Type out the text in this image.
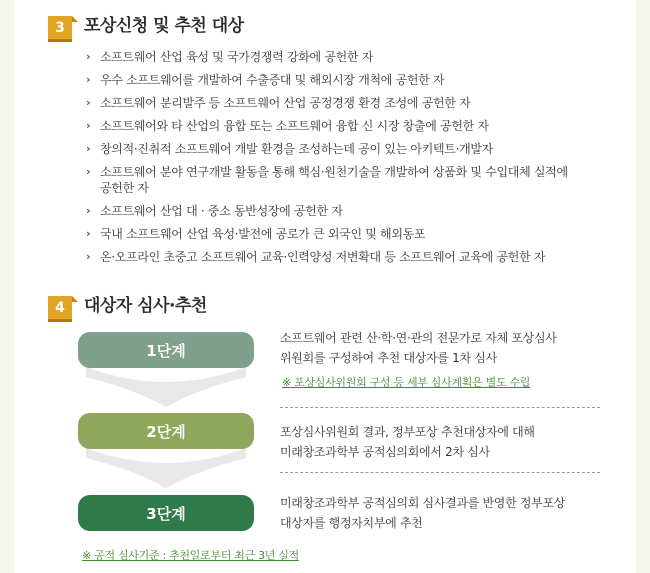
3 포상신청 및 추천 대상
› 소프트웨어 산업 육성 및 국가경쟁력 강화에 공헌한 자
› 우수 소프트웨어를 개발하여 수출증대 및 해외시장 개척에 공헌한 자
› 소프트웨어 분리발주 등 소프트웨어 산업 공정경쟁 환경 조성에 공헌한 자
› 소프트웨어와 타 산업의 융합 또는 소프트웨어 융합 신 시장 창출에 공헌한 자
› 창의적·진취적 소프트웨어 개발 환경을 조성하는데 공이 있는 아키텍트·개발자
› 소프트웨어 분야 연구개발 활동을 통해 핵심·원천기술을 개발하여 상품화 및 수입대체 실적에 공헌한 자
› 소프트웨어 산업 대 · 중소 동반성장에 공헌한 자
› 국내 소프트웨어 산업 육성·발전에 공로가 큰 외국인 및 해외동포
› 온·오프라인 초중고 소프트웨어 교육·인력양성 저변확대 등 소프트웨어 교육에 공헌한 자
4 대상자 심사·추천
1단계
2단계
3단계
소프트웨어 관련 산·학·연·관의 전문가로 자체 포상심사
위원회를 구성하여 추천 대상자를 1차 심사
※ 포상심사위원회 구성 등 세부 심사계획은 별도 수립
포상심사위원회 결과, 정부포상 추천대상자에 대해
미래창조과학부 공적심의회에서 2차 심사
미래창조과학부 공적심의회 심사결과를 반영한 정부포상
대상자를 행정자치부에 추천
※ 공적 심사기준 : 추천일로부터 최근 3년 실적
